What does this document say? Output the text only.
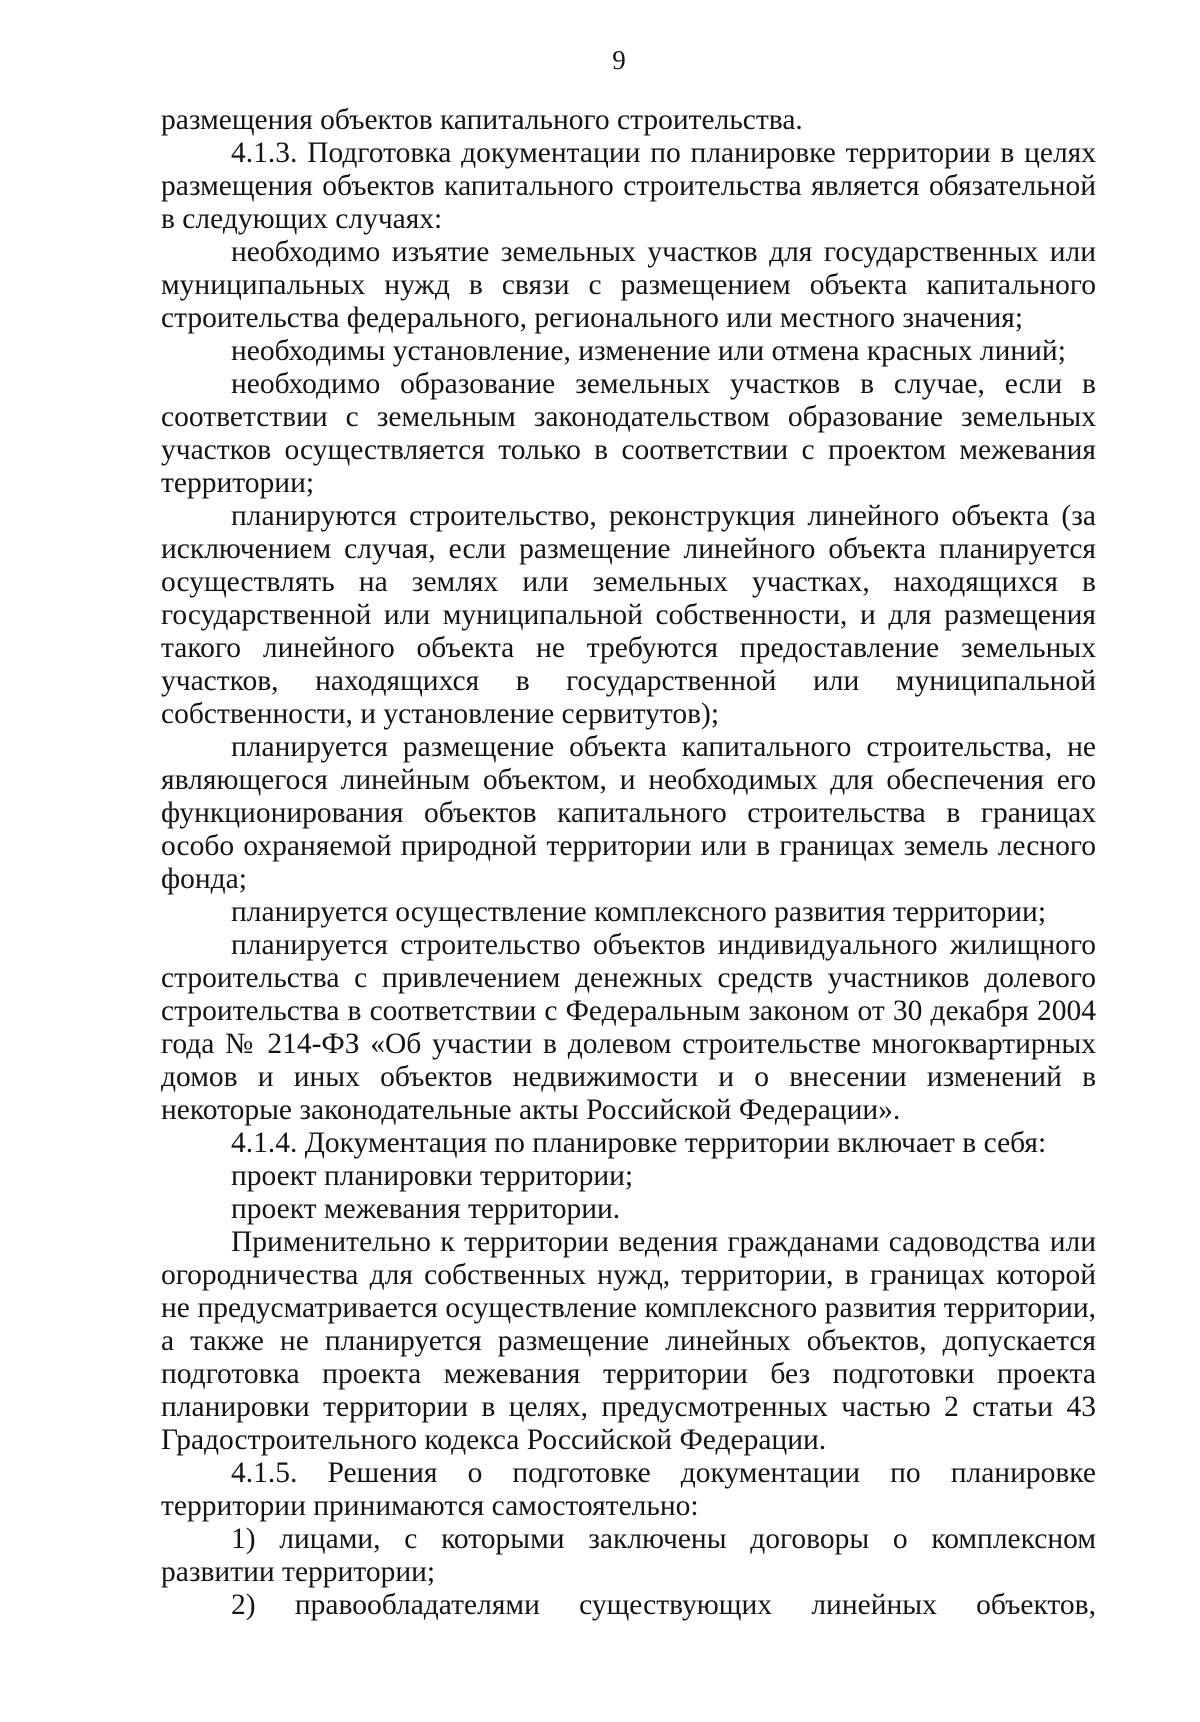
9

размещения объектов капитального строительства.

4.1.3. Подготовка документации по планировке территории в целях размещения объектов капитального строительства является обязательной в следующих случаях:

необходимо изъятие земельных участков для государственных или муниципальных нужд в связи с размещением объекта капитального строительства федерального, регионального или местного значения;

необходимы установление, изменение или отмена красных линий;

необходимо образование земельных участков в случае, если в соответствии с земельным законодательством образование земельных участков осуществляется только в соответствии с проектом межевания территории;

планируются строительство, реконструкция линейного объекта (за исключением случая, если размещение линейного объекта планируется осуществлять на землях или земельных участках, находящихся в государственной или муниципальной собственности, и для размещения такого линейного объекта не требуются предоставление земельных участков, находящихся в государственной или муниципальной собственности, и установление сервитутов);

планируется размещение объекта капитального строительства, не являющегося линейным объектом, и необходимых для обеспечения его функционирования объектов капитального строительства в границах особо охраняемой природной территории или в границах земель лесного фонда;

планируется осуществление комплексного развития территории;

планируется строительство объектов индивидуального жилищного строительства с привлечением денежных средств участников долевого строительства в соответствии с Федеральным законом от 30 декабря 2004 года № 214-ФЗ «Об участии в долевом строительстве многоквартирных домов и иных объектов недвижимости и о внесении изменений в некоторые законодательные акты Российской Федерации».

4.1.4. Документация по планировке территории включает в себя:

проект планировки территории;

проект межевания территории.

Применительно к территории ведения гражданами садоводства или огородничества для собственных нужд, территории, в границах которой не предусматривается осуществление комплексного развития территории, а также не планируется размещение линейных объектов, допускается подготовка проекта межевания территории без подготовки проекта планировки территории в целях, предусмотренных частью 2 статьи 43 Градостроительного кодекса Российской Федерации.

4.1.5. Решения о подготовке документации по планировке территории принимаются самостоятельно:

1) лицами, с которыми заключены договоры о комплексном развитии территории;

2) правообладателями существующих линейных объектов,
